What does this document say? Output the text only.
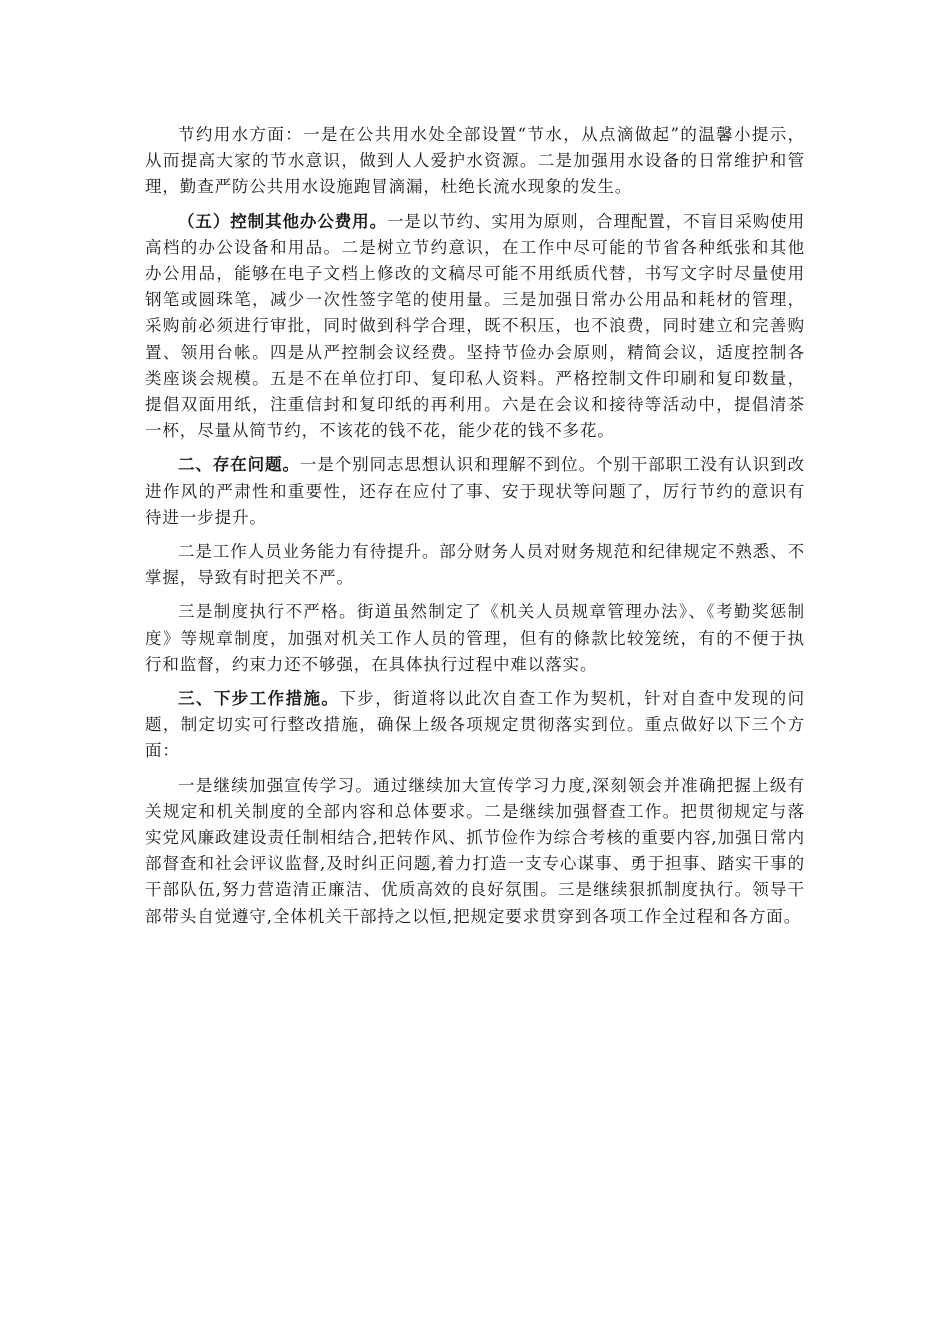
节约用水方面：一是在公共用水处全部设置“节水，从点滴做起”的温馨小提示，从而提高大家的节水意识，做到人人爱护水资源。二是加强用水设备的日常维护和管理，勤查严防公共用水设施跑冒滴漏，杜绝长流水现象的发生。

（五）控制其他办公费用。一是以节约、实用为原则，合理配置，不盲目采购使用高档的办公设备和用品。二是树立节约意识，在工作中尽可能的节省各种纸张和其他办公用品，能够在电子文档上修改的文稿尽可能不用纸质代替，书写文字时尽量使用钢笔或圆珠笔，减少一次性签字笔的使用量。三是加强日常办公用品和耗材的管理，采购前必须进行审批，同时做到科学合理，既不积压，也不浪费，同时建立和完善购置、领用台帐。四是从严控制会议经费。坚持节俭办会原则，精简会议，适度控制各类座谈会规模。五是不在单位打印、复印私人资料。严格控制文件印刷和复印数量，提倡双面用纸，注重信封和复印纸的再利用。六是在会议和接待等活动中，提倡清茶一杯，尽量从简节约，不该花的钱不花，能少花的钱不多花。

二、存在问题。一是个别同志思想认识和理解不到位。个别干部职工没有认识到改进作风的严肃性和重要性，还存在应付了事、安于现状等问题了，厉行节约的意识有待进一步提升。

二是工作人员业务能力有待提升。部分财务人员对财务规范和纪律规定不熟悉、不掌握，导致有时把关不严。

三是制度执行不严格。街道虽然制定了《机关人员规章管理办法》、《考勤奖惩制度》等规章制度，加强对机关工作人员的管理，但有的條款比较笼统，有的不便于执行和监督，约束力还不够强，在具体执行过程中难以落实。

三、下步工作措施。下步，街道将以此次自查工作为契机，针对自查中发现的问题，制定切实可行整改措施，确保上级各项规定贯彻落实到位。重点做好以下三个方面：

一是继续加强宣传学习。通过继续加大宣传学习力度,深刻领会并准确把握上级有关规定和机关制度的全部内容和总体要求。二是继续加强督查工作。把贯彻规定与落实党风廉政建设责任制相结合,把转作风、抓节俭作为综合考核的重要内容,加强日常内部督查和社会评议监督,及时纠正问题,着力打造一支专心谋事、勇于担事、踏实干事的干部队伍,努力营造清正廉洁、优质高效的良好氛围。三是继续狠抓制度执行。领导干部带头自觉遵守,全体机关干部持之以恒,把规定要求贯穿到各项工作全过程和各方面。
